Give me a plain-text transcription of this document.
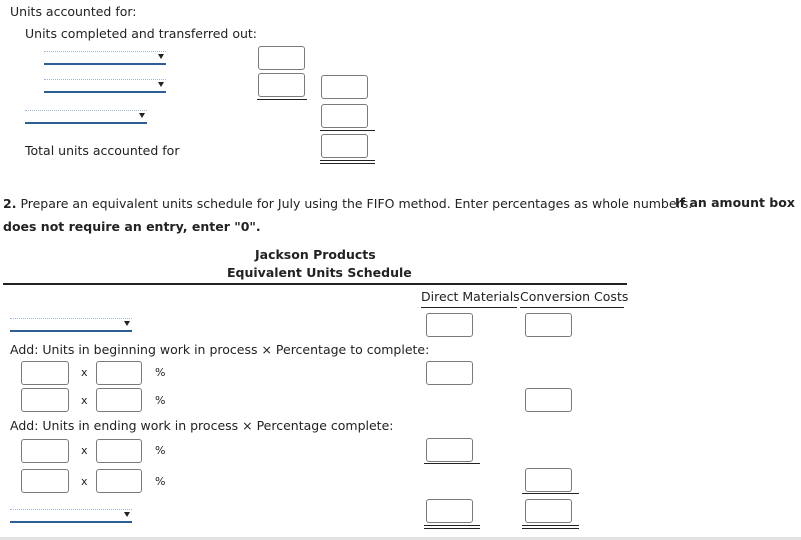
Units accounted for:
Units completed and transferred out:
Total units accounted for
2. Prepare an equivalent units schedule for July using the FIFO method. Enter percentages as whole numbers.
If an amount box does not require an entry, enter "0".
Jackson Products
Equivalent Units Schedule
Direct Materials Conversion Costs
Add: Units in beginning work in process × Percentage to complete:
x	%
x	%
Add: Units in ending work in process × Percentage complete:
x	%
x	%
